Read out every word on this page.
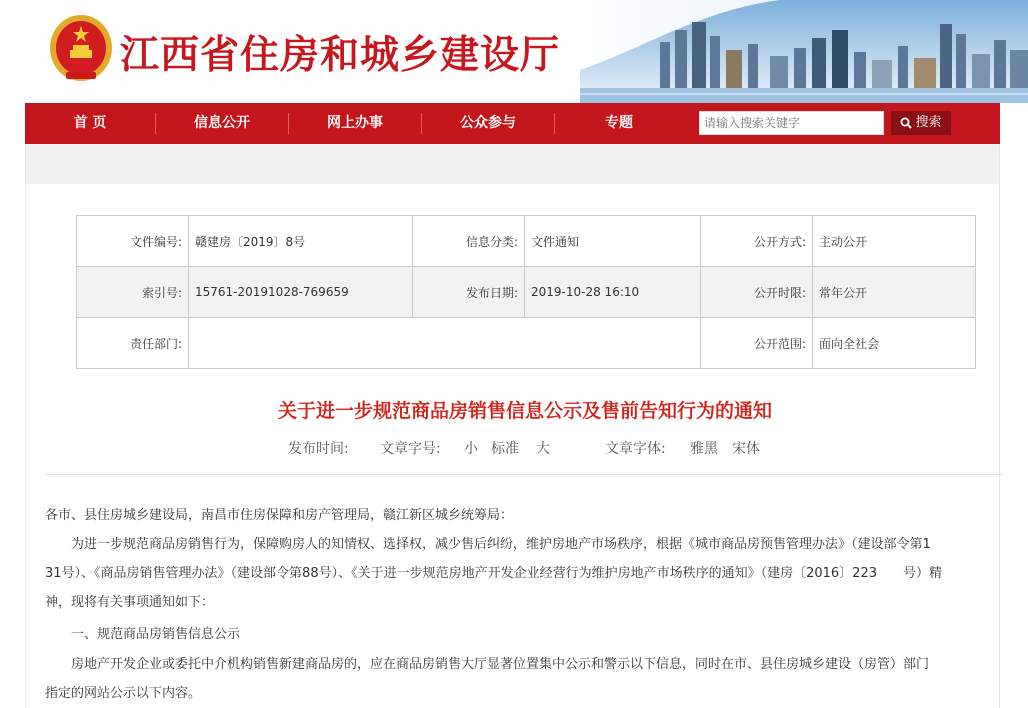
江西省住房和城乡建设厅
首 页	信息公开	网上办事	公众参与	专题
请输入搜索关键字	搜索
文件编号:	赣建房〔2019〕8号	信息分类:	文件通知	公开方式:	主动公开
索引号:	15761-20191028-769659	发布日期:	2019-10-28 16:10	公开时限:	常年公开
责任部门:				公开范围:	面向全社会
关于进一步规范商品房销售信息公示及售前告知行为的通知
发布时间: 文章字号: 小 标准 大	文章字体: 雅黑 宋体
各市、县住房城乡建设局，南昌市住房保障和房产管理局，赣江新区城乡统筹局：
为进一步规范商品房销售行为，保障购房人的知情权、选择权，减少售后纠纷，维护房地产市场秩序，根据《城市商品房预售管理办法》（建设部令第1
31号）、《商品房销售管理办法》（建设部令第88号）、《关于进一步规范房地产开发企业经营行为维护房地产市场秩序的通知》（建房〔2016〕223　　号）精
神，现将有关事项通知如下：
一、规范商品房销售信息公示
房地产开发企业或委托中介机构销售新建商品房的，应在商品房销售大厅显著位置集中公示和警示以下信息，同时在市、县住房城乡建设（房管）部门
指定的网站公示以下内容。
